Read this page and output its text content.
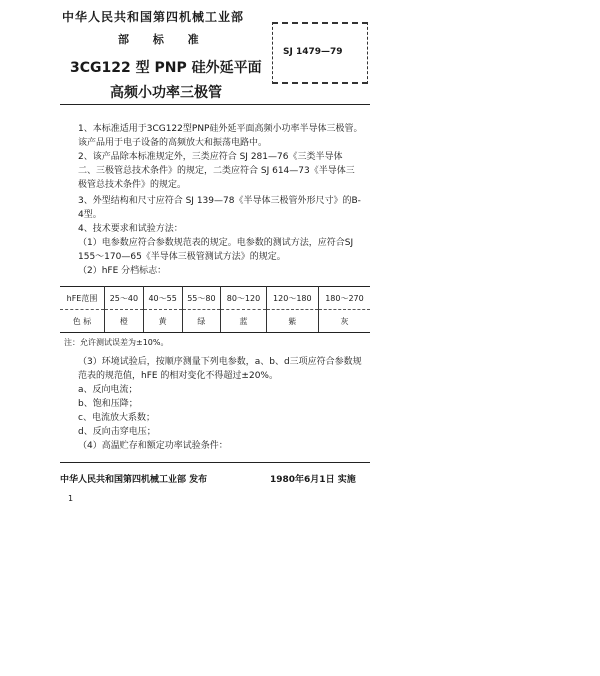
中华人民共和国第四机械工业部
部 标 准
SJ 1479—79
3CG122 型 PNP 硅外延平面
高频小功率三极管
1、本标准适用于3CG122型PNP硅外延平面高频小功率半导体三极管。该产品用于电子设备的高频放大和振荡电路中。
2、该产品除本标准规定外，三类应符合 SJ 281—76《三类半导体 二、三极管总技术条件》的规定，二类应符合 SJ 614—73《半导体三极管总技术条件》的规定。
3、外型结构和尺寸应符合 SJ 139—78《半导体三极管外形尺寸》的B-4型。
4、技术要求和试验方法：
（1）电参数应符合参数规范表的规定。电参数的测试方法，应符合SJ
155～170—65《半导体三极管测试方法》的规定。
（2）hFE 分档标志：
hFE范围	25～40	40～55	55～80	80～120	120～180	180～270
色 标	橙	黄	绿	蓝	紫	灰
注：允许测试误差为±10%。
（3）环境试验后，按顺序测量下列电参数，a、b、d三项应符合参数规范表的规范值，hFE 的相对变化不得超过±20%。
a、反向电流；
b、饱和压降；
c、电流放大系数；
d、反向击穿电压；
（4）高温贮存和额定功率试验条件：
中华人民共和国第四机械工业部 发布	1980年6月1日 实施
1
